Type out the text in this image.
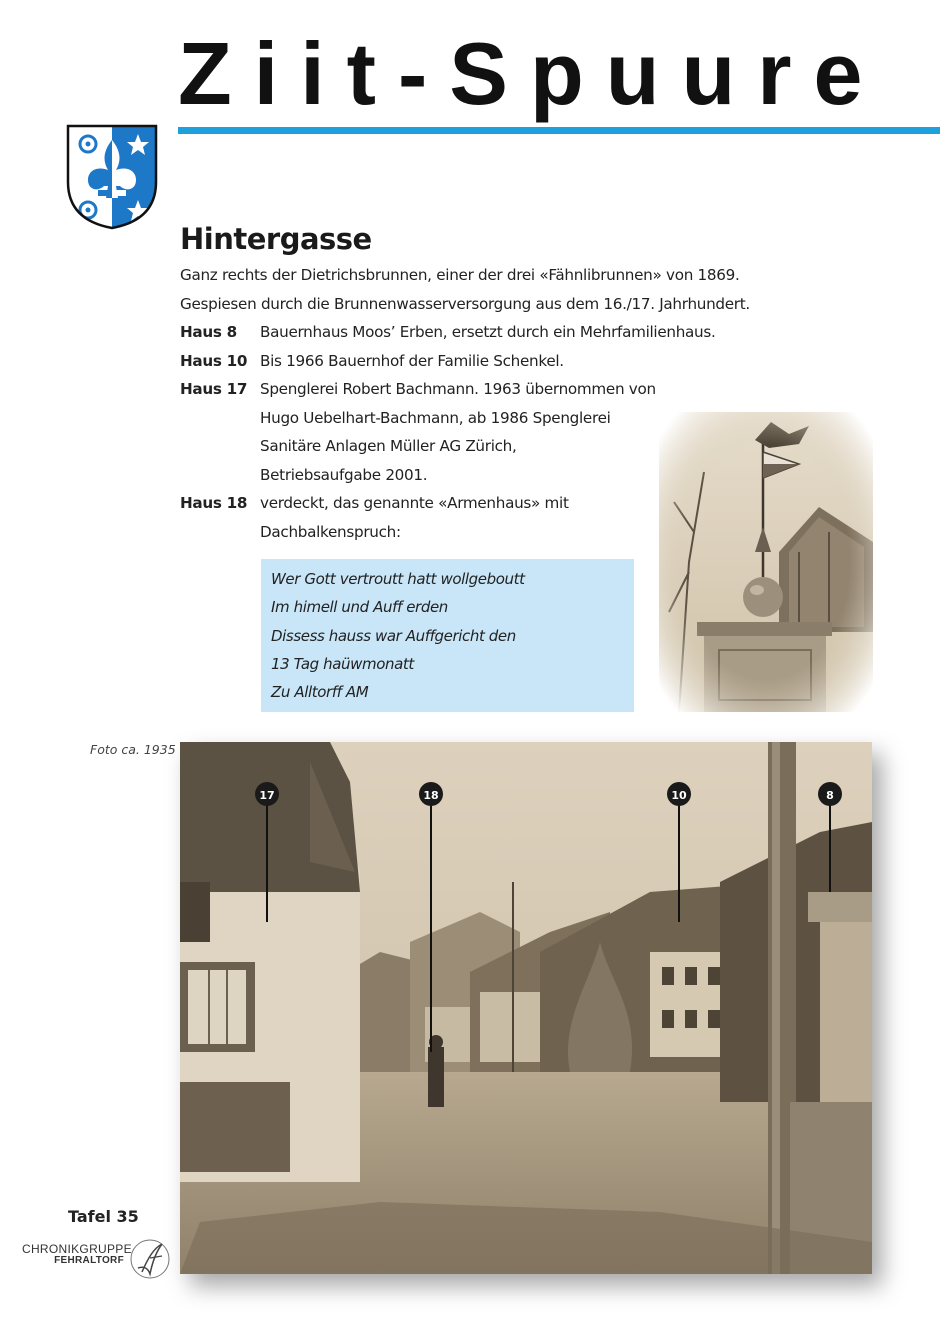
Ziit-Spuure
Hintergasse

Ganz rechts der Dietrichsbrunnen, einer der drei «Fähnlibrunnen» von 1869.

Gespiesen durch die Brunnenwasserversorgung aus dem 16./17. Jahrhundert.

Haus 8	Bauernhaus Moos’ Erben, ersetzt durch ein Mehrfamilienhaus.
Haus 10 Bis 1966 Bauernhof der Familie Schenkel.
Haus 17 Spenglerei Robert Bachmann. 1963 übernommen von
Hugo Uebelhart-Bachmann, ab 1986 Spenglerei
Sanitäre Anlagen Müller AG Zürich,
Betriebsaufgabe 2001.
Haus 18 verdeckt, das genannte «Armenhaus» mit
Dachbalkenspruch:
Wer Gott vertroutt hatt wollgeboutt
Im himell und Auff erden
Dissess hauss war Auffgericht den
13 Tag haüwmonatt
Zu Alltorff AM
Foto ca. 1935
17	18	10	8
Tafel 35
CHRONIKGRUPPE
FEHRALTORF
